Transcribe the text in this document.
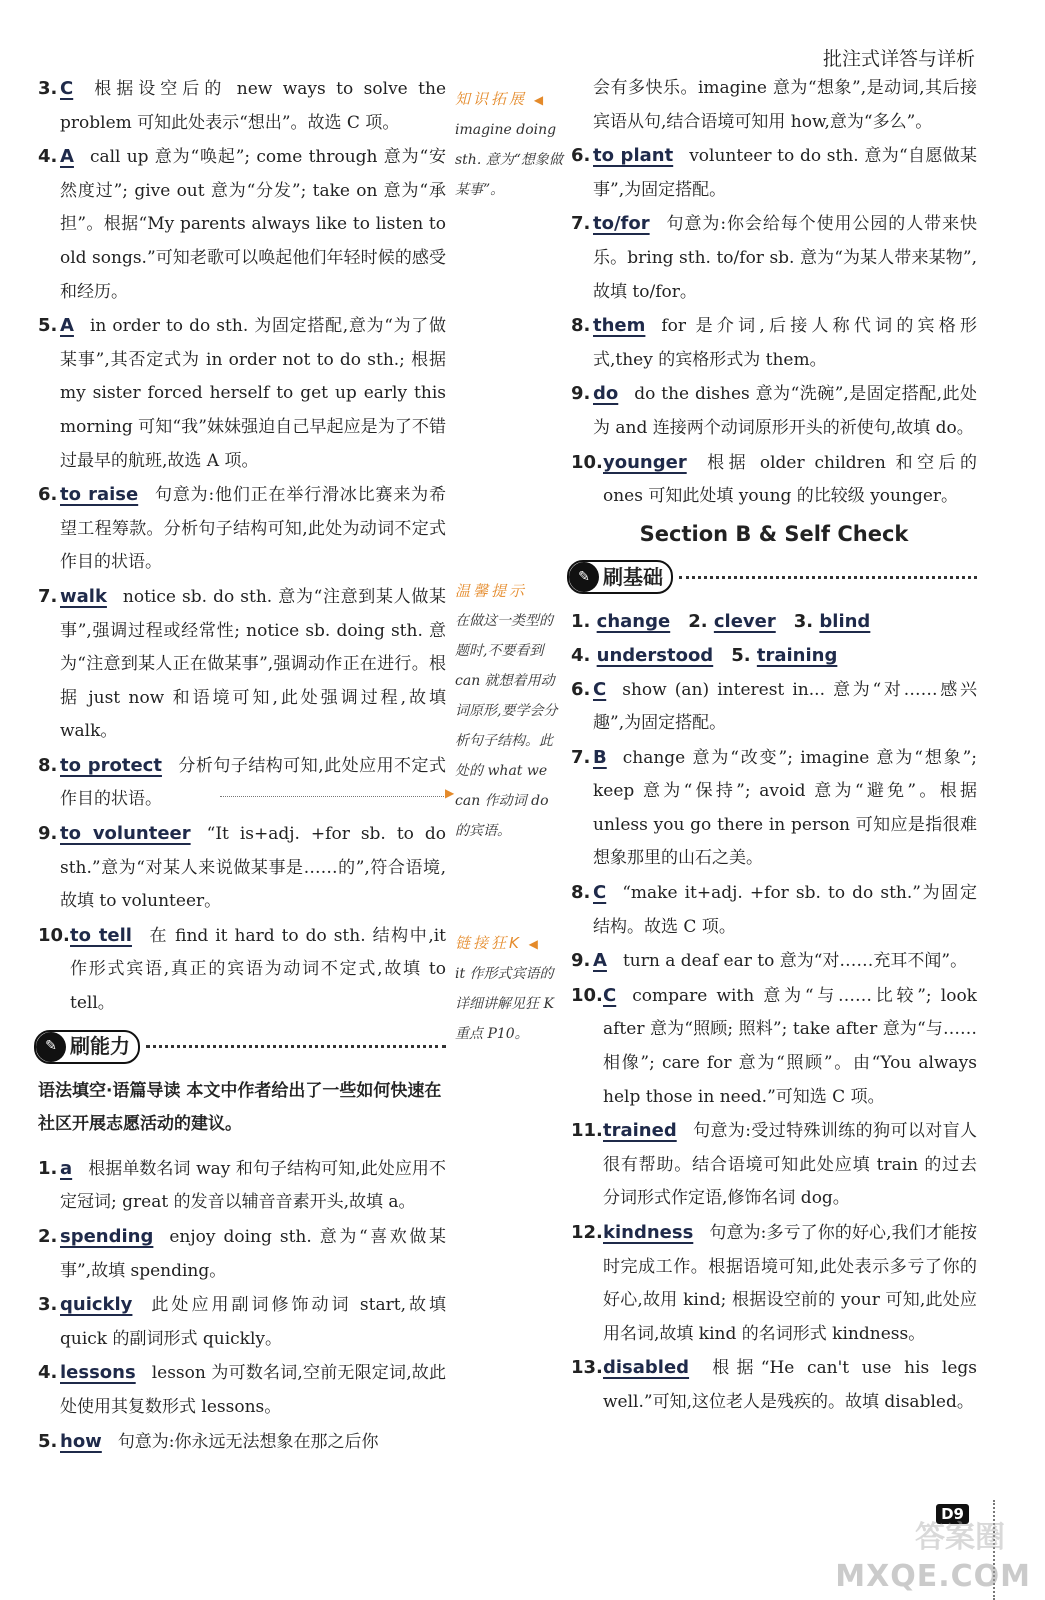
批注式详答与详析
3. C 根据设空后的 new ways to solve the problem 可知此处表示“想出”。故选 C 项。
4. A call up 意为“唤起”; come through 意为“安然度过”; give out 意为“分发”; take on 意为“承担”。根据“My parents always like to listen to old songs.”可知老歌可以唤起他们年轻时候的感受和经历。
5. A in order to do sth. 为固定搭配,意为“为了做某事”,其否定式为 in order not to do sth.; 根据 my sister forced herself to get up early this morning 可知“我”妹妹强迫自己早起应是为了不错过最早的航班,故选 A 项。
6. to raise 句意为:他们正在举行滑冰比赛来为希望工程筹款。分析句子结构可知,此处为动词不定式作目的状语。
7. walk notice sb. do sth. 意为“注意到某人做某事”,强调过程或经常性; notice sb. doing sth. 意为“注意到某人正在做某事”,强调动作正在进行。根据 just now 和语境可知,此处强调过程,故填 walk。
8. to protect 分析句子结构可知,此处应用不定式作目的状语。
9. to volunteer “It is+adj. +for sb. to do sth.”意为“对某人来说做某事是……的”,符合语境,故填 to volunteer。
10. to tell 在 find it hard to do sth. 结构中,it 作形式宾语,真正的宾语为动词不定式,故填 to tell。
✎ 刷能力
语法填空·语篇导读 本文中作者给出了一些如何快速在社区开展志愿活动的建议。
1. a 根据单数名词 way 和句子结构可知,此处应用不定冠词; great 的发音以辅音音素开头,故填 a。
2. spending enjoy doing sth. 意为“喜欢做某事”,故填 spending。
3. quickly 此处应用副词修饰动词 start,故填 quick 的副词形式 quickly。
4. lessons lesson 为可数名词,空前无限定词,故此处使用其复数形式 lessons。
5. how 句意为:你永远无法想象在那之后你
知识拓展 ◀
imagine doing sth. 意为“想象做某事”。
温馨提示
在做这一类型的题时,不要看到 can 就想着用动词原形,要学会分析句子结构。此处的 what we can 作动词 do 的宾语。
链接狂K ◀
it 作形式宾语的详细讲解见狂 K 重点 P10。
会有多快乐。imagine 意为“想象”,是动词,其后接宾语从句,结合语境可知用 how,意为“多么”。
6. to plant volunteer to do sth. 意为“自愿做某事”,为固定搭配。
7. to/for 句意为:你会给每个使用公园的人带来快乐。bring sth. to/for sb. 意为“为某人带来某物”,故填 to/for。
8. them for 是介词,后接人称代词的宾格形式,they 的宾格形式为 them。
9. do do the dishes 意为“洗碗”,是固定搭配,此处为 and 连接两个动词原形开头的祈使句,故填 do。
10. younger 根据 older children 和空后的 ones 可知此处填 young 的比较级 younger。
Section B & Self Check
✎ 刷基础
1. change 2. clever 3. blind
4. understood 5. training
6. C show (an) interest in... 意为“对……感兴趣”,为固定搭配。
7. B change 意为“改变”; imagine 意为“想象”; keep 意为“保持”; avoid 意为“避免”。根据 unless you go there in person 可知应是指很难想象那里的山石之美。
8. C “make it+adj. +for sb. to do sth.”为固定结构。故选 C 项。
9. A turn a deaf ear to 意为“对……充耳不闻”。
10. C compare with 意为“与……比较”; look after 意为“照顾; 照料”; take after 意为“与……相像”; care for 意为“照顾”。由“You always help those in need.”可知选 C 项。
11. trained 句意为:受过特殊训练的狗可以对盲人很有帮助。结合语境可知此处应填 train 的过去分词形式作定语,修饰名词 dog。
12. kindness 句意为:多亏了你的好心,我们才能按时完成工作。根据语境可知,此处表示多亏了你的好心,故用 kind; 根据设空前的 your 可知,此处应用名词,故填 kind 的名词形式 kindness。
13. disabled 根据“He can't use his legs well.”可知,这位老人是残疾的。故填 disabled。
▶
D9
答案圈
MXQE.COM
